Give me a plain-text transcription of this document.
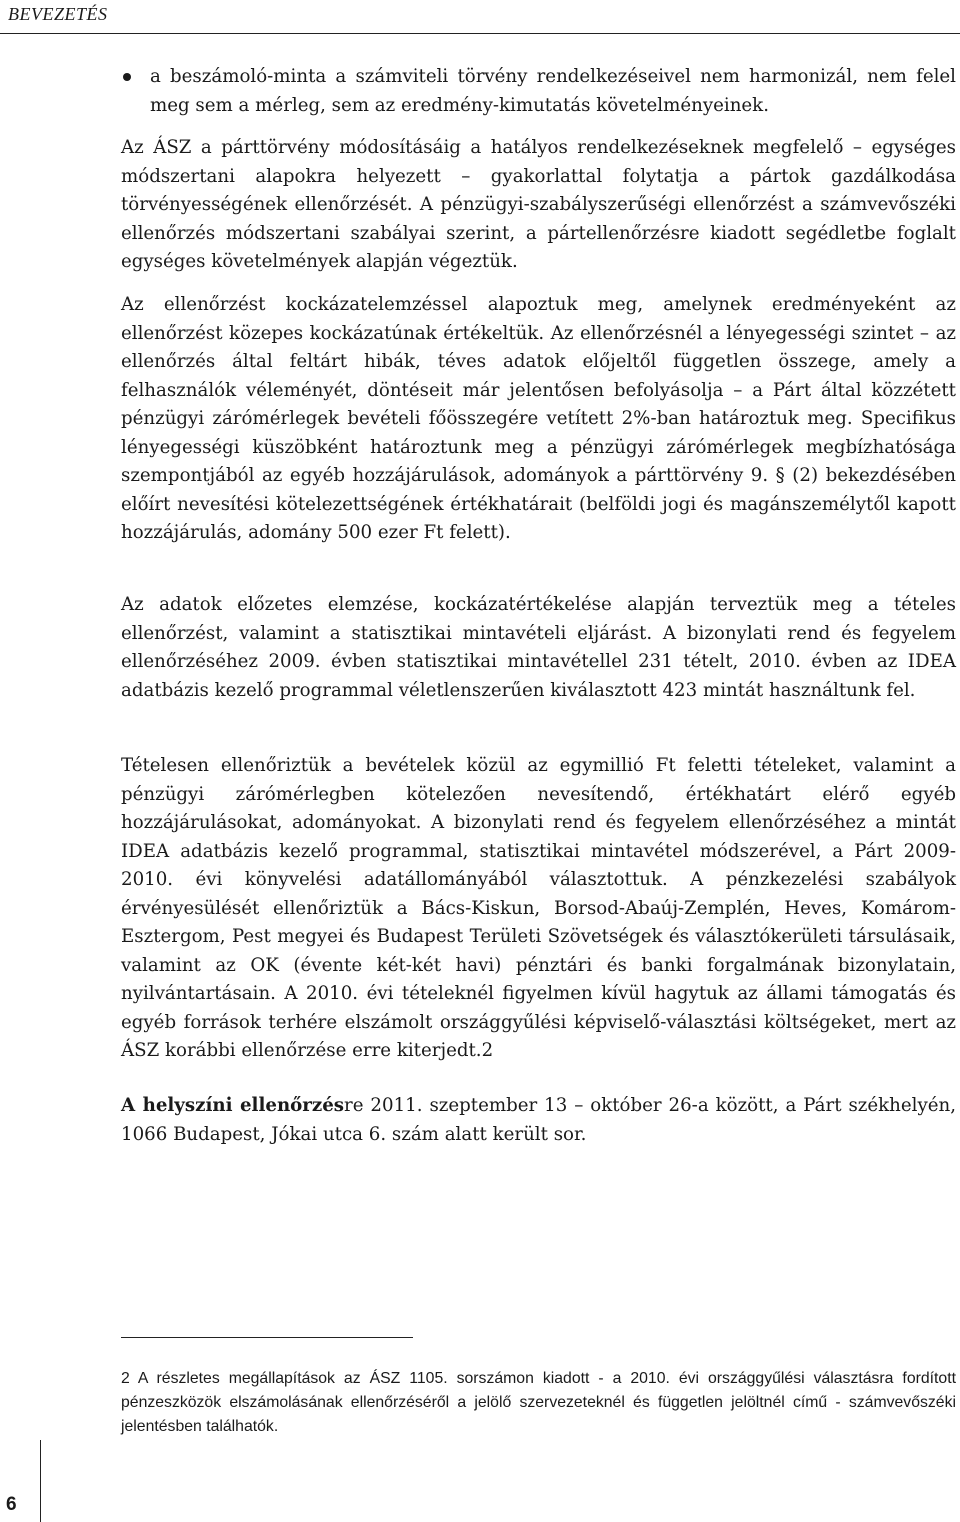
BEVEZETÉS
a beszámoló-minta a számviteli törvény rendelkezéseivel nem harmonizál, nem felel meg sem a mérleg, sem az eredmény-kimutatás követelményeinek.

Az ÁSZ a párttörvény módosításáig a hatályos rendelkezéseknek megfelelő – egységes módszertani alapokra helyezett – gyakorlattal folytatja a pártok gazdálkodása törvényességének ellenőrzését. A pénzügyi-szabályszerűségi ellenőrzést a számvevőszéki ellenőrzés módszertani szabályai szerint, a pártellenőrzésre kiadott segédletbe foglalt egységes követelmények alapján végeztük.

Az ellenőrzést kockázatelemzéssel alapoztuk meg, amelynek eredményeként az ellenőrzést közepes kockázatúnak értékeltük. Az ellenőrzésnél a lényegességi szintet – az ellenőrzés által feltárt hibák, téves adatok előjeltől független összege, amely a felhasználók véleményét, döntéseit már jelentősen befolyásolja – a Párt által közzétett pénzügyi zárómérlegek bevételi főösszegére vetített 2%-ban határoztuk meg. Specifikus lényegességi küszöbként határoztunk meg a pénzügyi zárómérlegek megbízhatósága szempontjából az egyéb hozzájárulások, adományok a párttörvény 9. § (2) bekezdésében előírt nevesítési kötelezettségének értékhatárait (belföldi jogi és magánszemélytől kapott hozzájárulás, adomány 500 ezer Ft felett).

Az adatok előzetes elemzése, kockázatértékelése alapján terveztük meg a tételes ellenőrzést, valamint a statisztikai mintavételi eljárást. A bizonylati rend és fegyelem ellenőrzéséhez 2009. évben statisztikai mintavétellel 231 tételt, 2010. évben az IDEA adatbázis kezelő programmal véletlenszerűen kiválasztott 423 mintát használtunk fel.

Tételesen ellenőriztük a bevételek közül az egymillió Ft feletti tételeket, valamint a pénzügyi zárómérlegben kötelezően nevesítendő, értékhatárt elérő egyéb hozzájárulásokat, adományokat. A bizonylati rend és fegyelem ellenőrzéséhez a mintát IDEA adatbázis kezelő programmal, statisztikai mintavétel módszerével, a Párt 2009-2010. évi könyvelési adatállományából választottuk. A pénzkezelési szabályok érvényesülését ellenőriztük a Bács-Kiskun, Borsod-Abaúj-Zemplén, Heves, Komárom-Esztergom, Pest megyei és Budapest Területi Szövetségek és választókerületi társulásaik, valamint az OK (évente két-két havi) pénztári és banki forgalmának bizonylatain, nyilvántartásain. A 2010. évi tételeknél figyelmen kívül hagytuk az állami támogatás és egyéb források terhére elszámolt országgyűlési képviselő-választási költségeket, mert az ÁSZ korábbi ellenőrzése erre kiterjedt.2

A helyszíni ellenőrzésre 2011. szeptember 13 – október 26-a között, a Párt székhelyén, 1066 Budapest, Jókai utca 6. szám alatt került sor.

2 A részletes megállapítások az ÁSZ 1105. sorszámon kiadott - a 2010. évi országgyűlési választásra fordított pénzeszközök elszámolásának ellenőrzéséről a jelölő szervezeteknél és független jelöltnél című - számvevőszéki jelentésben találhatók.

6
